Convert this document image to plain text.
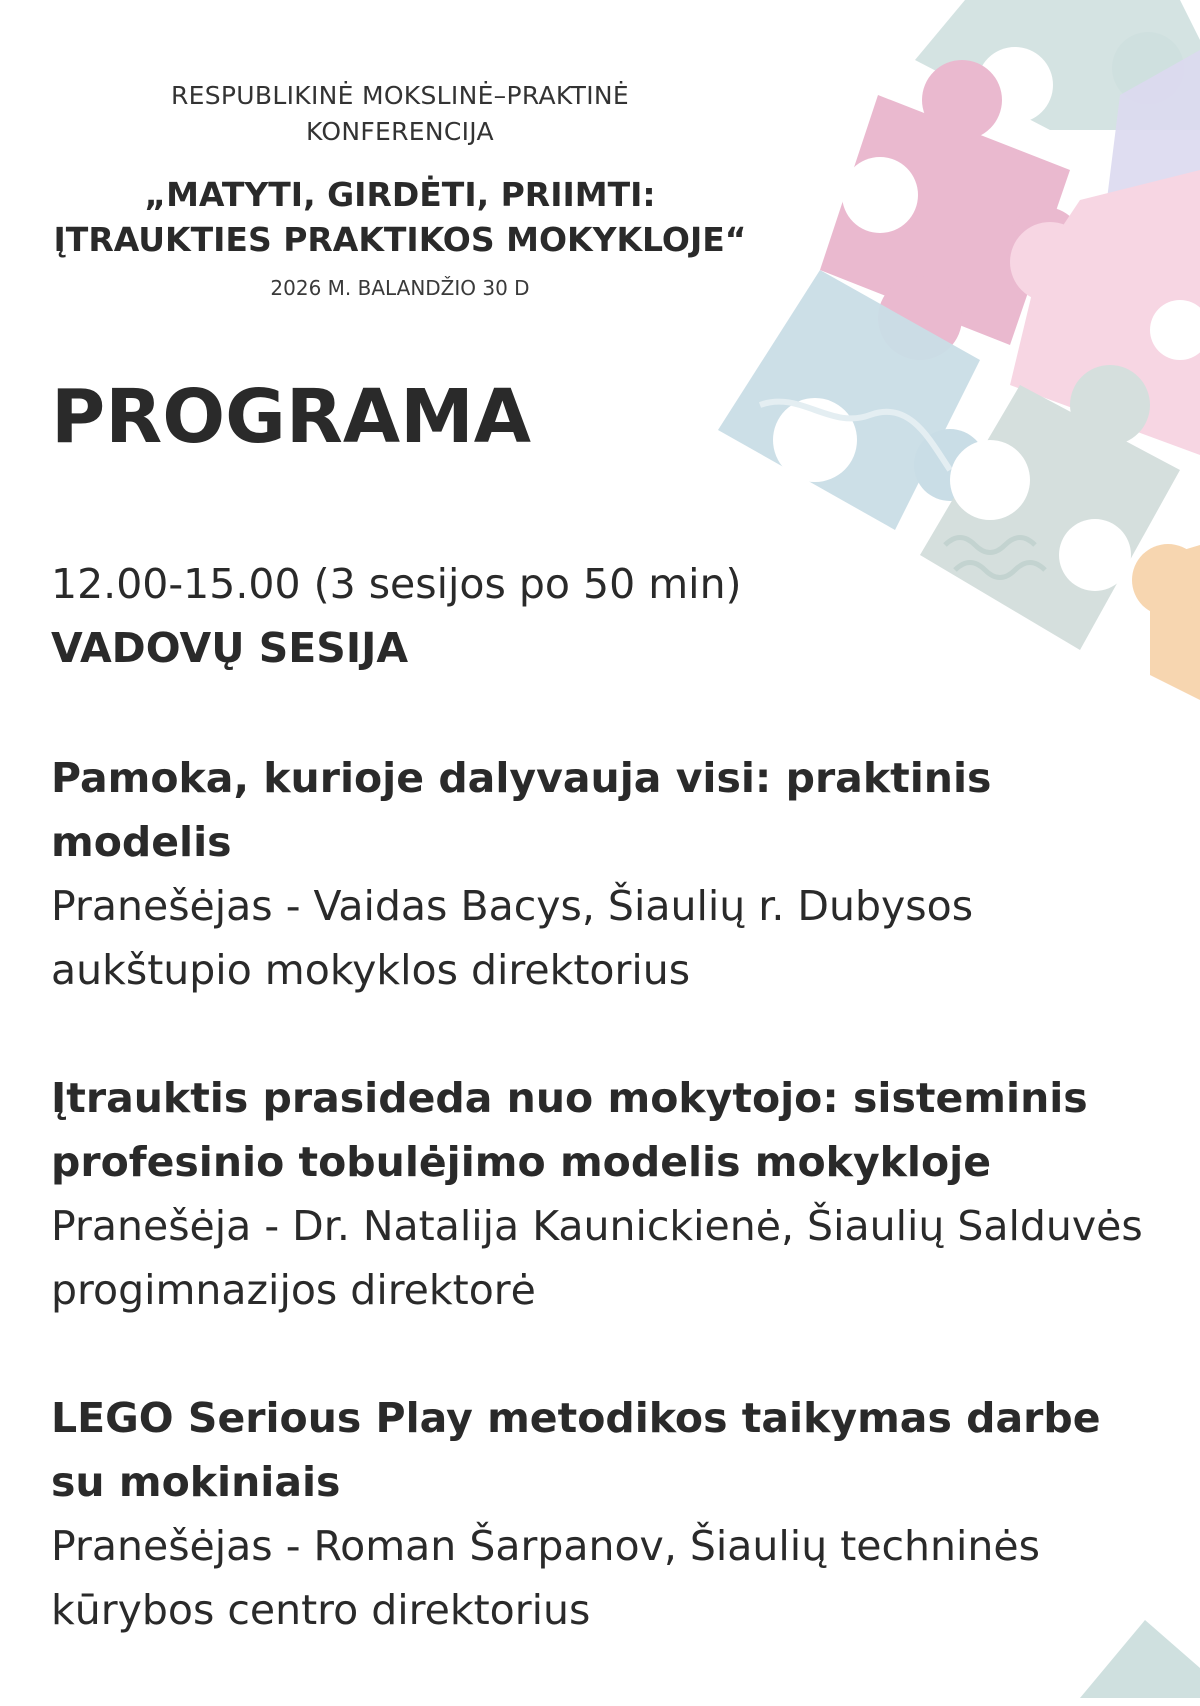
RESPUBLIKINĖ MOKSLINĖ–PRAKTINĖ
KONFERENCIJA
„MATYTI, GIRDĖTI, PRIIMTI:
ĮTRAUKTIES PRAKTIKOS MOKYKLOJE“
2026 M. BALANDŽIO 30 D
PROGRAMA
12.00-15.00 (3 sesijos po 50 min)
VADOVŲ SESIJA
Pamoka, kurioje dalyvauja visi: praktinis modelis
Pranešėjas - Vaidas Bacys, Šiaulių r. Dubysos aukštupio mokyklos direktorius
Įtrauktis prasideda nuo mokytojo: sisteminis profesinio tobulėjimo modelis mokykloje
Pranešėja - Dr. Natalija Kaunickienė, Šiaulių Salduvės progimnazijos direktorė
LEGO Serious Play metodikos taikymas darbe su mokiniais
Pranešėjas - Roman Šarpanov, Šiaulių techninės kūrybos centro direktorius
